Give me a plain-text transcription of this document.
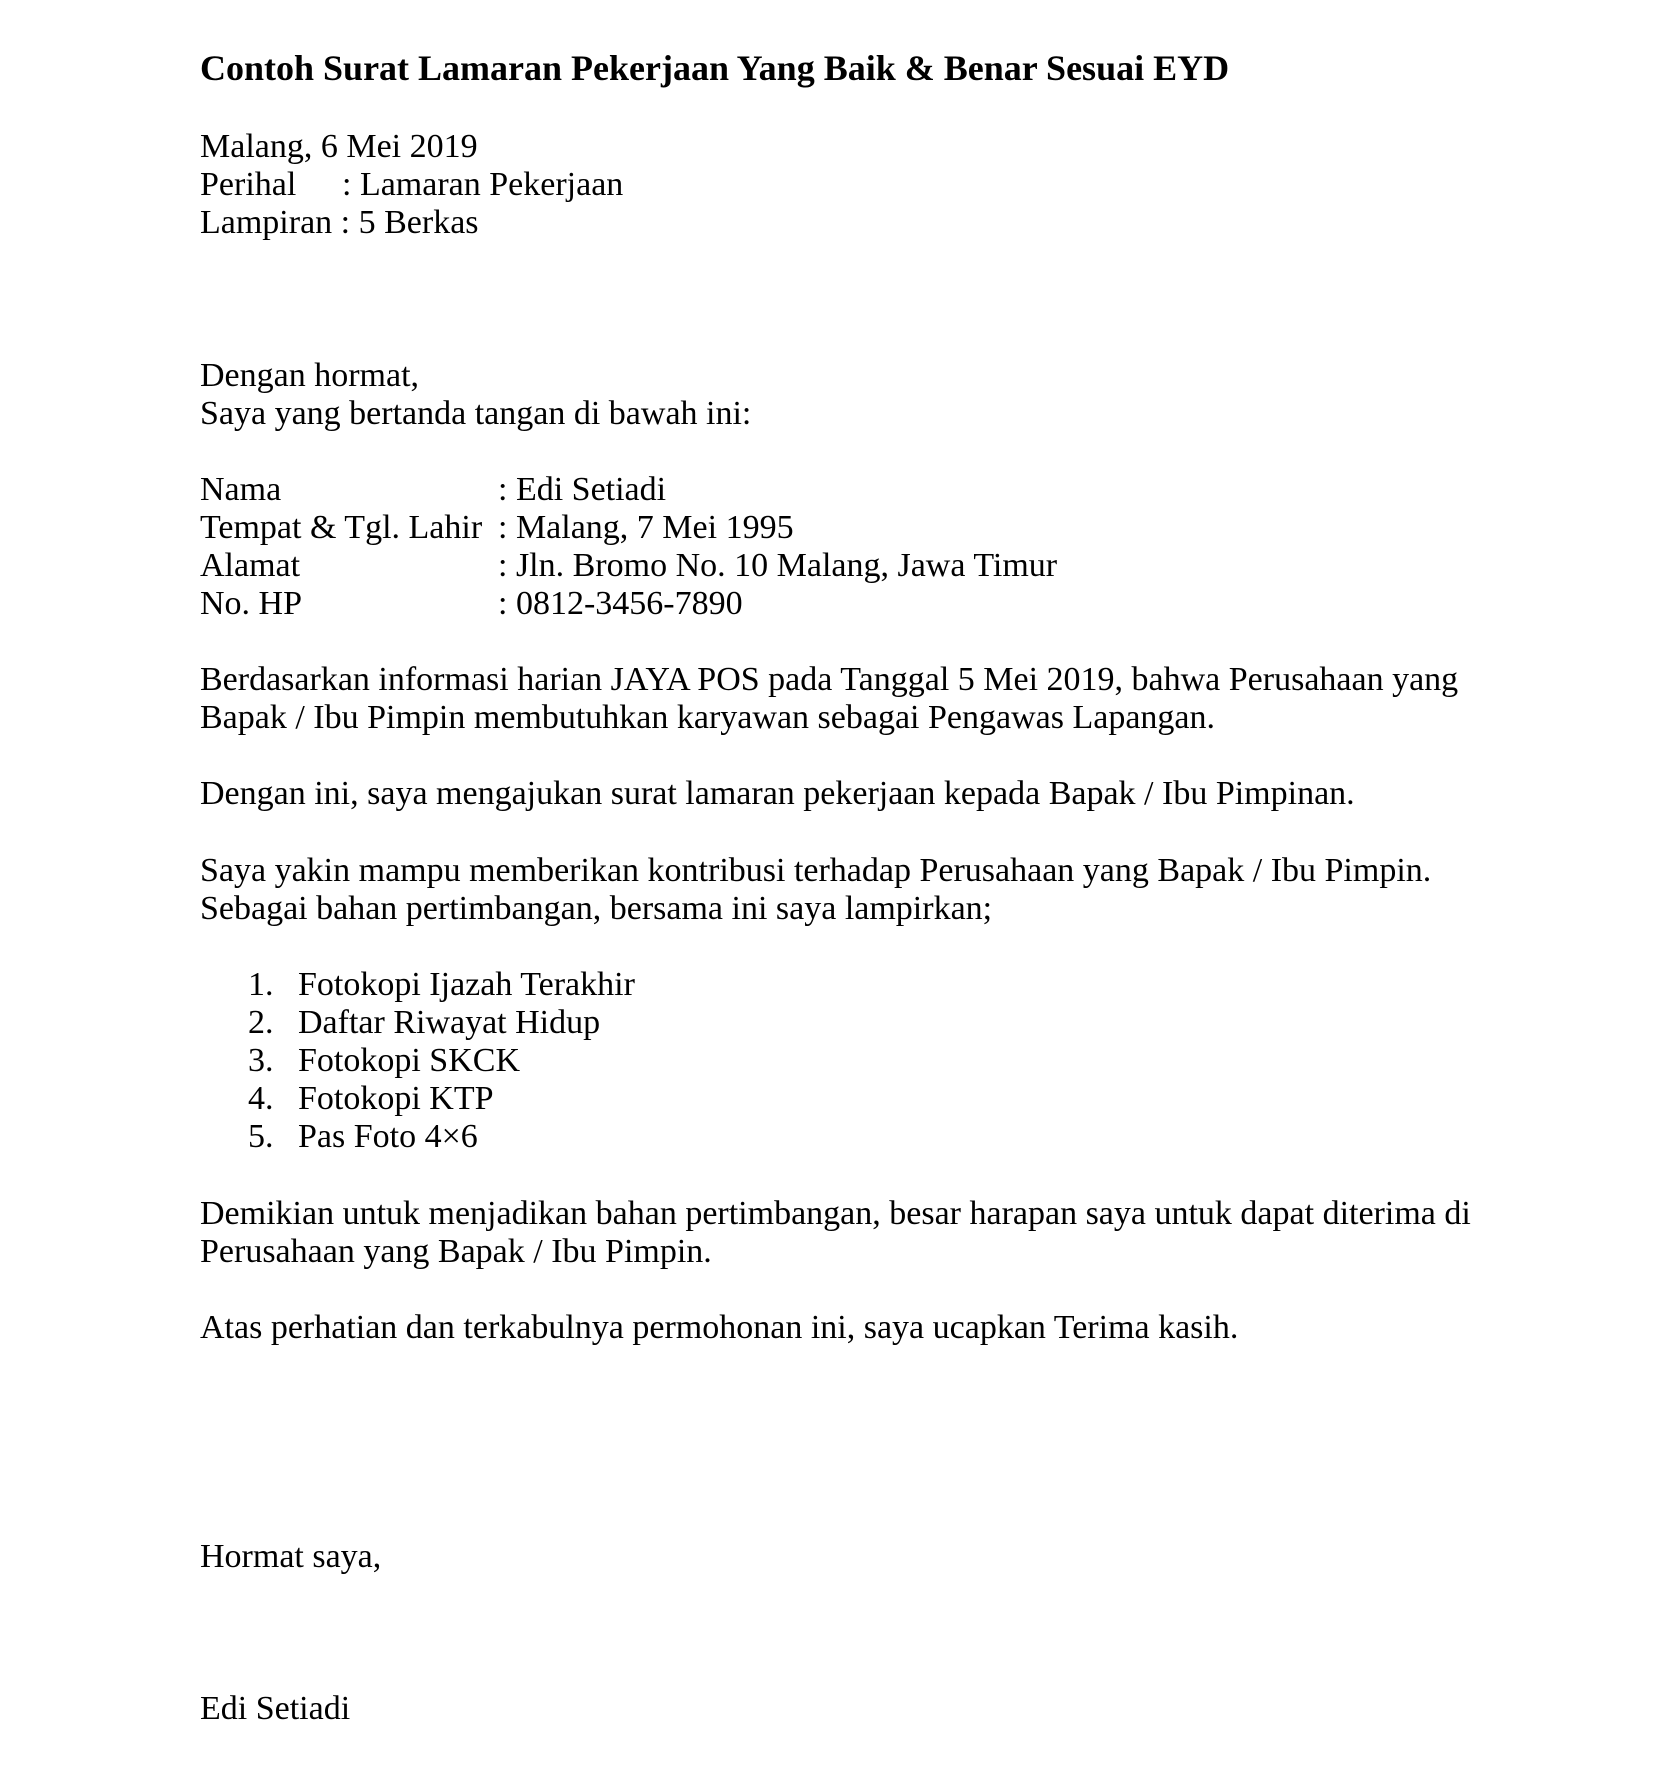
Contoh Surat Lamaran Pekerjaan Yang Baik & Benar Sesuai EYD

Malang, 6 Mei 2019

Perihal : Lamaran Pekerjaan

Lampiran : 5 Berkas

Dengan hormat,

Saya yang bertanda tangan di bawah ini:

Nama	: Edi Setiadi
Tempat & Tgl. Lahir : Malang, 7 Mei 1995
Alamat	: Jln. Bromo No. 10 Malang, Jawa Timur
No. HP	: 0812-3456-7890

Berdasarkan informasi harian JAYA POS pada Tanggal 5 Mei 2019, bahwa Perusahaan yang

Bapak / Ibu Pimpin membutuhkan karyawan sebagai Pengawas Lapangan.

Dengan ini, saya mengajukan surat lamaran pekerjaan kepada Bapak / Ibu Pimpinan.

Saya yakin mampu memberikan kontribusi terhadap Perusahaan yang Bapak / Ibu Pimpin.

Sebagai bahan pertimbangan, bersama ini saya lampirkan;

1. Fotokopi Ijazah Terakhir
2. Daftar Riwayat Hidup
3. Fotokopi SKCK
4. Fotokopi KTP
5. Pas Foto 4×6

Demikian untuk menjadikan bahan pertimbangan, besar harapan saya untuk dapat diterima di

Perusahaan yang Bapak / Ibu Pimpin.

Atas perhatian dan terkabulnya permohonan ini, saya ucapkan Terima kasih.

Hormat saya,

Edi Setiadi
